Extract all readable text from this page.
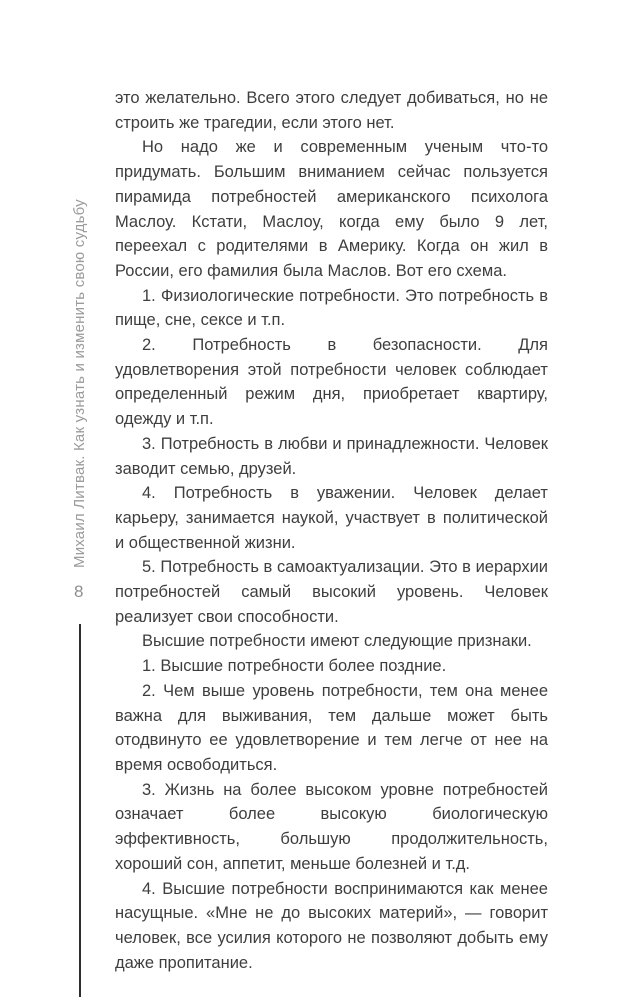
Михаил Литвак. Как узнать и изменить свою судьбу
8

это желательно. Всего этого следует добиваться, но не строить же трагедии, если этого нет.

Но надо же и современным ученым что-то придумать. Большим вниманием сейчас пользуется пирамида потребностей американского психолога Маслоу. Кстати, Маслоу, когда ему было 9 лет, переехал с родителями в Америку. Когда он жил в России, его фамилия была Маслов. Вот его схема.

1. Физиологические потребности. Это потребность в пище, сне, сексе и т.п.

2. Потребность в безопасности. Для удовлетворения этой потребности человек соблюдает определенный режим дня, приобретает квартиру, одежду и т.п.

3. Потребность в любви и принадлежности. Человек заводит семью, друзей.

4. Потребность в уважении. Человек делает карьеру, занимается наукой, участвует в политической и общественной жизни.

5. Потребность в самоактуализации. Это в иерархии потребностей самый высокий уровень. Человек реализует свои способности.

Высшие потребности имеют следующие признаки.

1. Высшие потребности более поздние.

2. Чем выше уровень потребности, тем она менее важна для выживания, тем дальше может быть отодвинуто ее удовлетворение и тем легче от нее на время освободиться.

3. Жизнь на более высоком уровне потребностей означает более высокую биологическую эффективность, большую продолжительность, хороший сон, аппетит, меньше болезней и т.д.

4. Высшие потребности воспринимаются как менее насущные. «Мне не до высоких материй», — говорит человек, все усилия которого не позволяют добыть ему даже пропитание.
